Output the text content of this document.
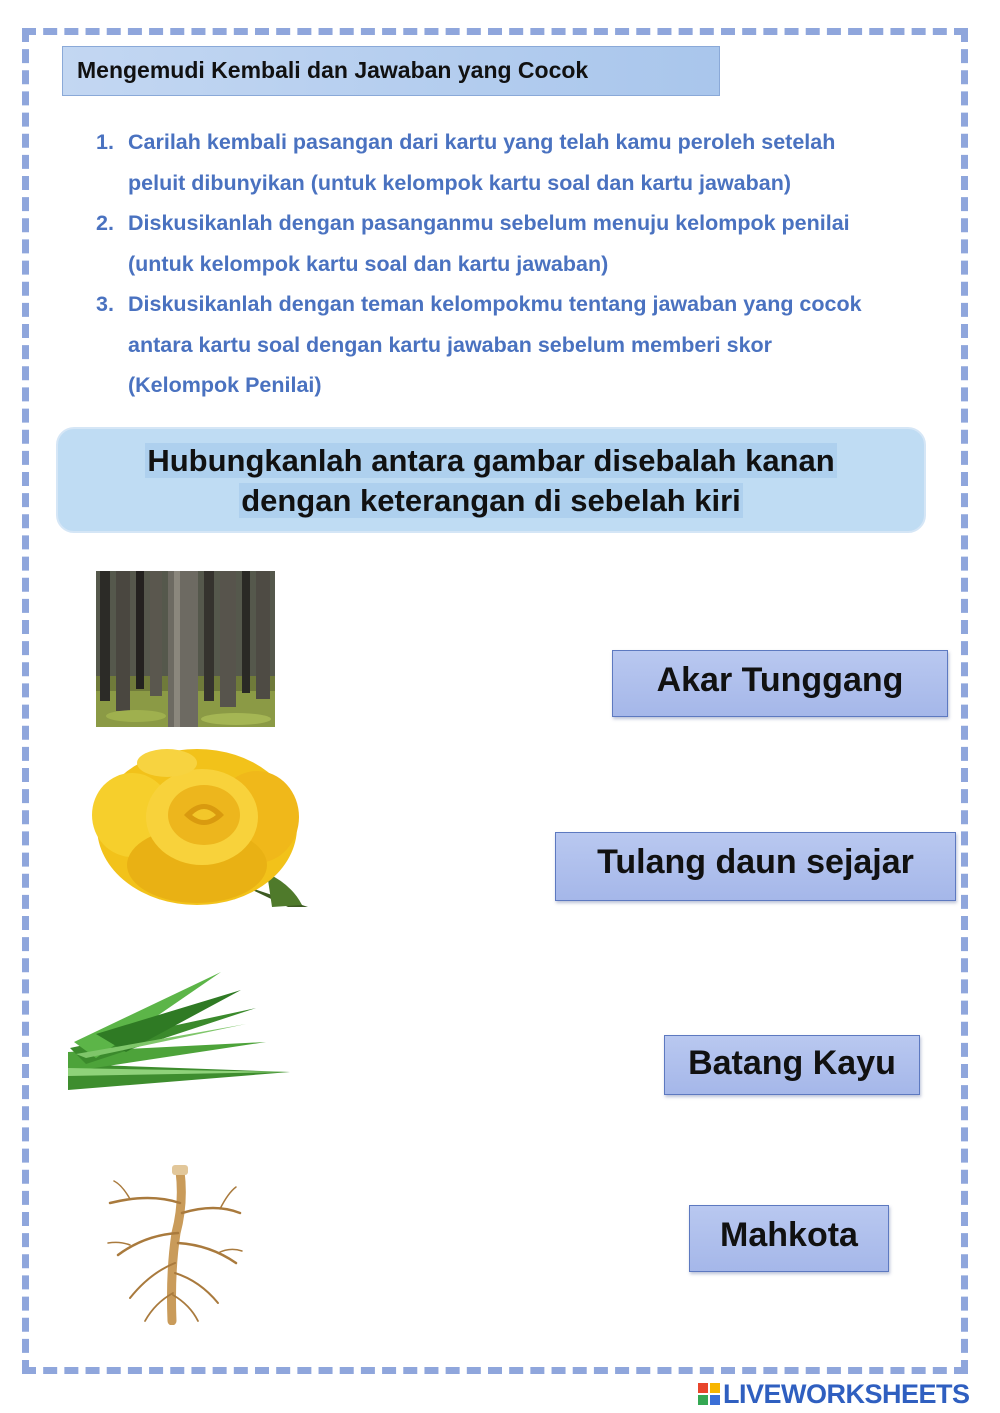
Mengemudi Kembali dan Jawaban yang Cocok
1. Carilah kembali pasangan dari kartu yang telah kamu peroleh setelah
peluit dibunyikan (untuk kelompok kartu soal dan kartu jawaban)
2. Diskusikanlah dengan pasanganmu sebelum menuju kelompok penilai
(untuk kelompok kartu soal dan kartu jawaban)
3. Diskusikanlah dengan teman kelompokmu tentang jawaban yang cocok
antara kartu soal dengan kartu jawaban sebelum memberi skor
(Kelompok Penilai)
Hubungkanlah antara gambar disebalah kanan
dengan keterangan di sebelah kiri
Akar Tunggang
Tulang daun sejajar
Batang Kayu
Mahkota
LIVEWORKSHEETS
